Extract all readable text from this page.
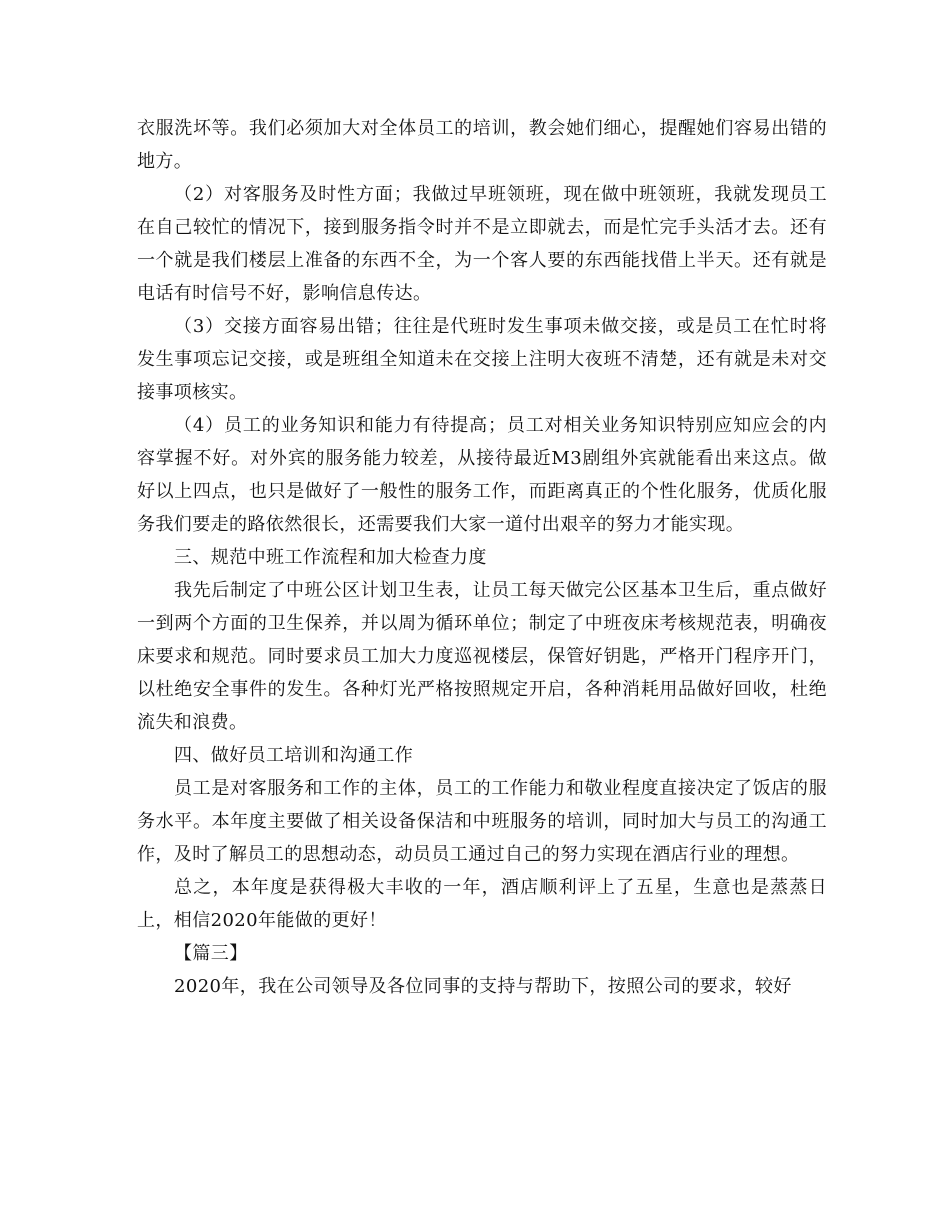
衣服洗坏等。我们必须加大对全体员工的培训，教会她们细心，提醒她们容易出错的地方。

（2）对客服务及时性方面；我做过早班领班，现在做中班领班，我就发现员工在自己较忙的情况下，接到服务指令时并不是立即就去，而是忙完手头活才去。还有一个就是我们楼层上准备的东西不全，为一个客人要的东西能找借上半天。还有就是电话有时信号不好，影响信息传达。

（3）交接方面容易出错；往往是代班时发生事项未做交接，或是员工在忙时将发生事项忘记交接，或是班组全知道未在交接上注明大夜班不清楚，还有就是未对交接事项核实。

（4）员工的业务知识和能力有待提高；员工对相关业务知识特别应知应会的内容掌握不好。对外宾的服务能力较差，从接待最近M3剧组外宾就能看出来这点。做好以上四点，也只是做好了一般性的服务工作，而距离真正的个性化服务，优质化服务我们要走的路依然很长，还需要我们大家一道付出艰辛的努力才能实现。

三、规范中班工作流程和加大检查力度

我先后制定了中班公区计划卫生表，让员工每天做完公区基本卫生后，重点做好一到两个方面的卫生保养，并以周为循环单位；制定了中班夜床考核规范表，明确夜床要求和规范。同时要求员工加大力度巡视楼层，保管好钥匙，严格开门程序开门，以杜绝安全事件的发生。各种灯光严格按照规定开启，各种消耗用品做好回收，杜绝流失和浪费。

四、做好员工培训和沟通工作

员工是对客服务和工作的主体，员工的工作能力和敬业程度直接决定了饭店的服务水平。本年度主要做了相关设备保洁和中班服务的培训，同时加大与员工的沟通工作，及时了解员工的思想动态，动员员工通过自己的努力实现在酒店行业的理想。

总之，本年度是获得极大丰收的一年，酒店顺利评上了五星，生意也是蒸蒸日上，相信2020年能做的更好！

【篇三】

2020年，我在公司领导及各位同事的支持与帮助下，按照公司的要求，较好
